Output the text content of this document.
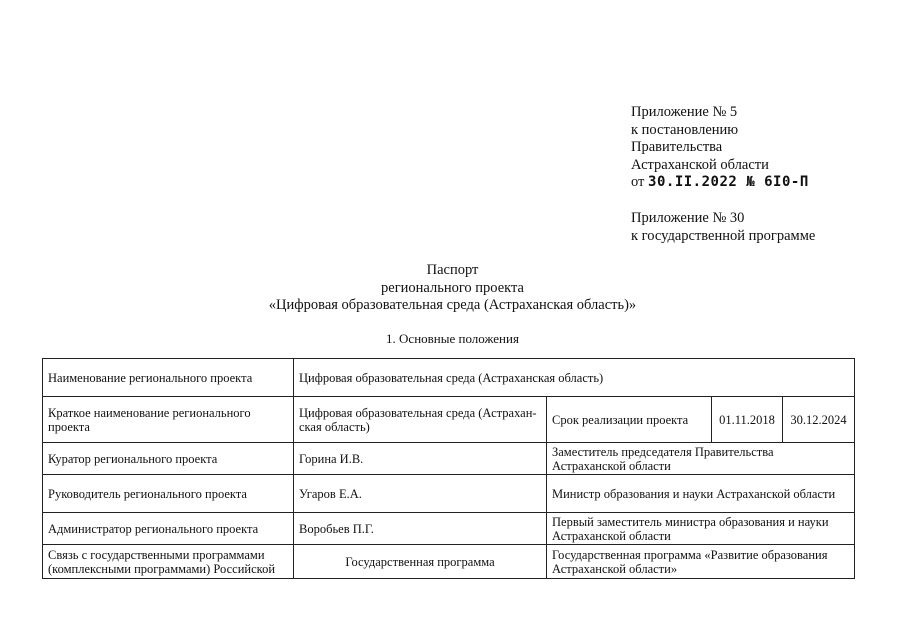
Приложение № 5
к постановлению
Правительства
Астраханской области
от 30.II.2022 № 6I0-П
Приложение № 30
к государственной программе
Паспорт
регионального проекта
«Цифровая образовательная среда (Астраханская область)»
1. Основные положения
Наименование регионального проекта	Цифровая образовательная среда (Астраханская область)			
Краткое наименование регионального проекта	Цифровая образовательная среда (Астрахан-ская область)	Срок реализации проекта	01.11.2018	30.12.2024
Куратор регионального проекта	Горина И.В.	Заместитель председателя Правительства Астраханской области		
Руководитель регионального проекта	Угаров Е.А.	Министр образования и науки Астраханской области		
Администратор регионального проекта	Воробьев П.Г.	Первый заместитель министра образования и науки Астраханской области		
Связь с государственными программами (комплексными программами) Российской	Государственная программа	Государственная программа «Развитие образования Астраханской области»		
